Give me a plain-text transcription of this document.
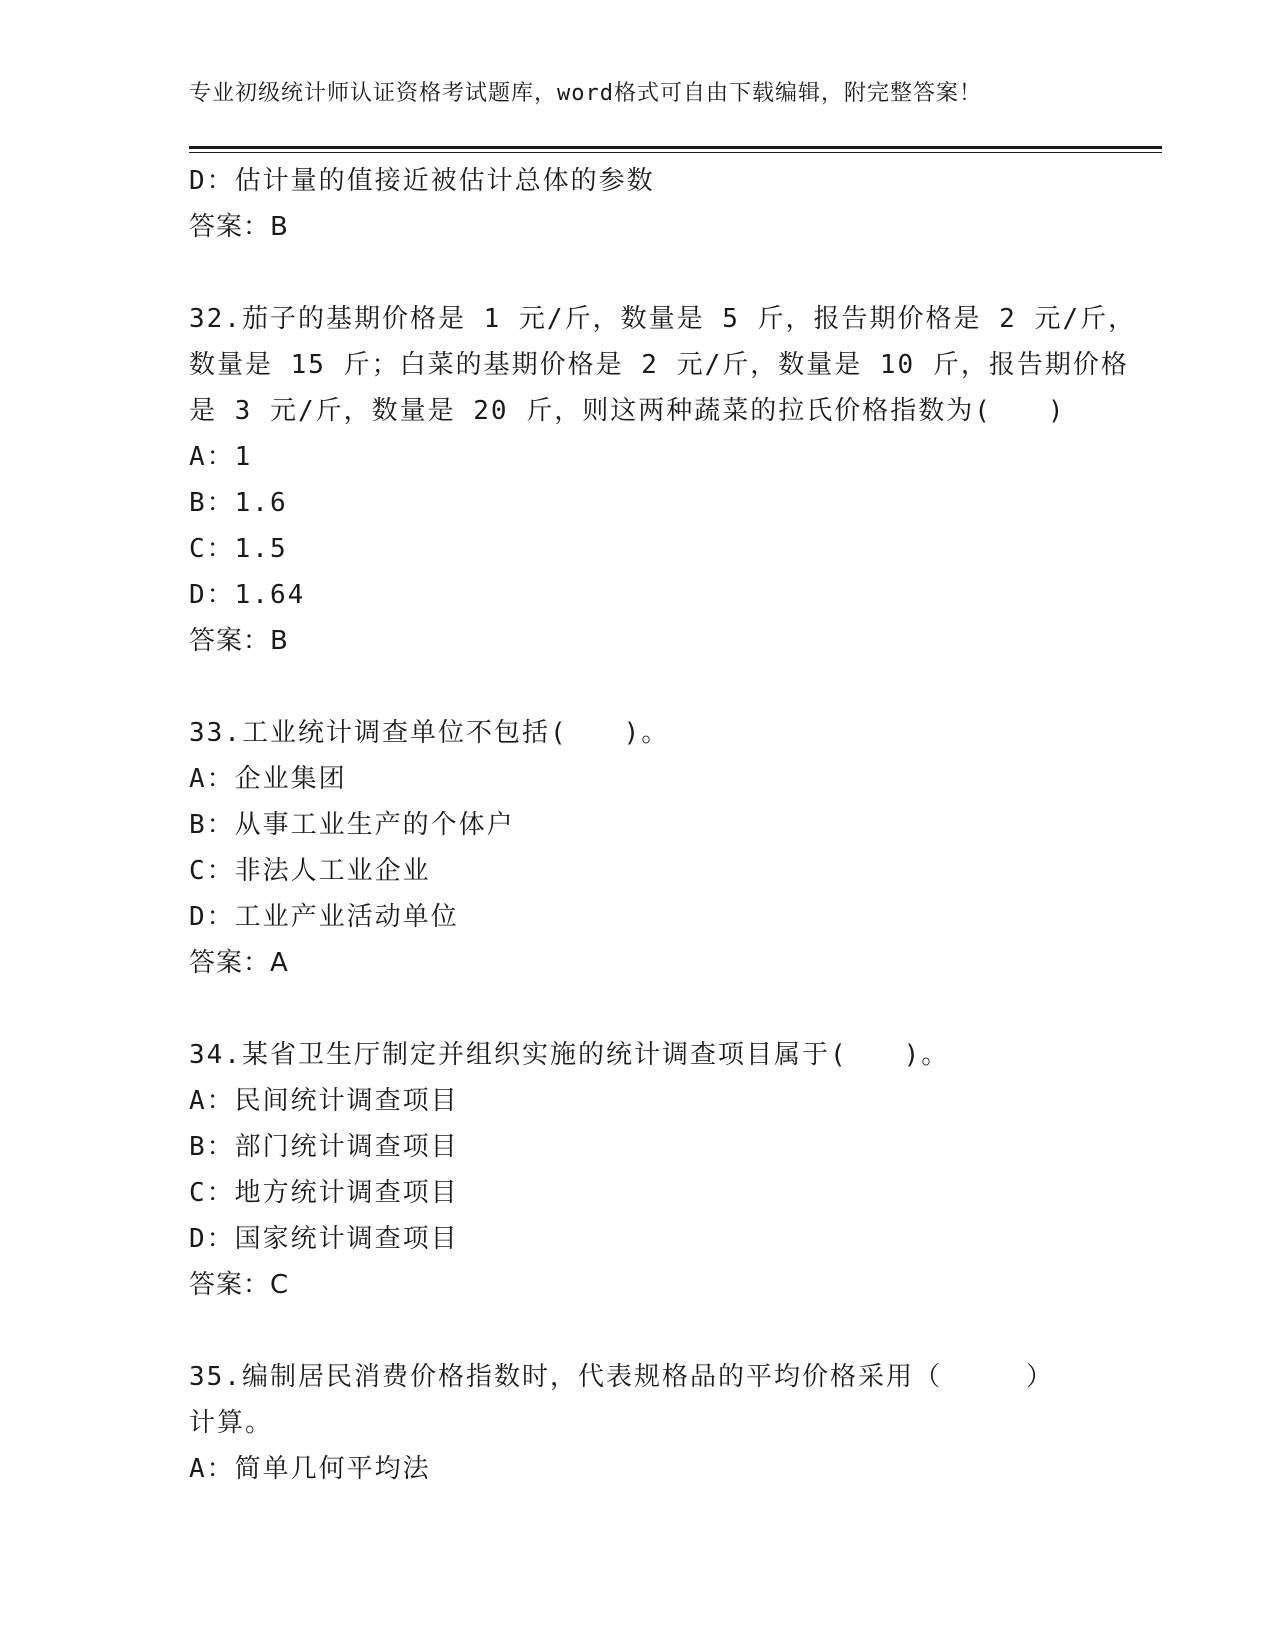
专业初级统计师认证资格考试题库，word格式可自由下载编辑，附完整答案！
D：估计量的值接近被估计总体的参数
答案：B
32.茄子的基期价格是 1 元/斤，数量是 5 斤，报告期价格是 2 元/斤，
数量是 15 斤；白菜的基期价格是 2 元/斤，数量是 10 斤，报告期价格
是 3 元/斤，数量是 20 斤，则这两种蔬菜的拉氏价格指数为(　　)
A：1
B：1.6
C：1.5
D：1.64
答案：B
33.工业统计调查单位不包括(　　)。
A：企业集团
B：从事工业生产的个体户
C：非法人工业企业
D：工业产业活动单位
答案：A
34.某省卫生厅制定并组织实施的统计调查项目属于(　　)。
A：民间统计调查项目
B：部门统计调查项目
C：地方统计调查项目
D：国家统计调查项目
答案：C
35.编制居民消费价格指数时，代表规格品的平均价格采用（　　　）
计算。
A：简单几何平均法
